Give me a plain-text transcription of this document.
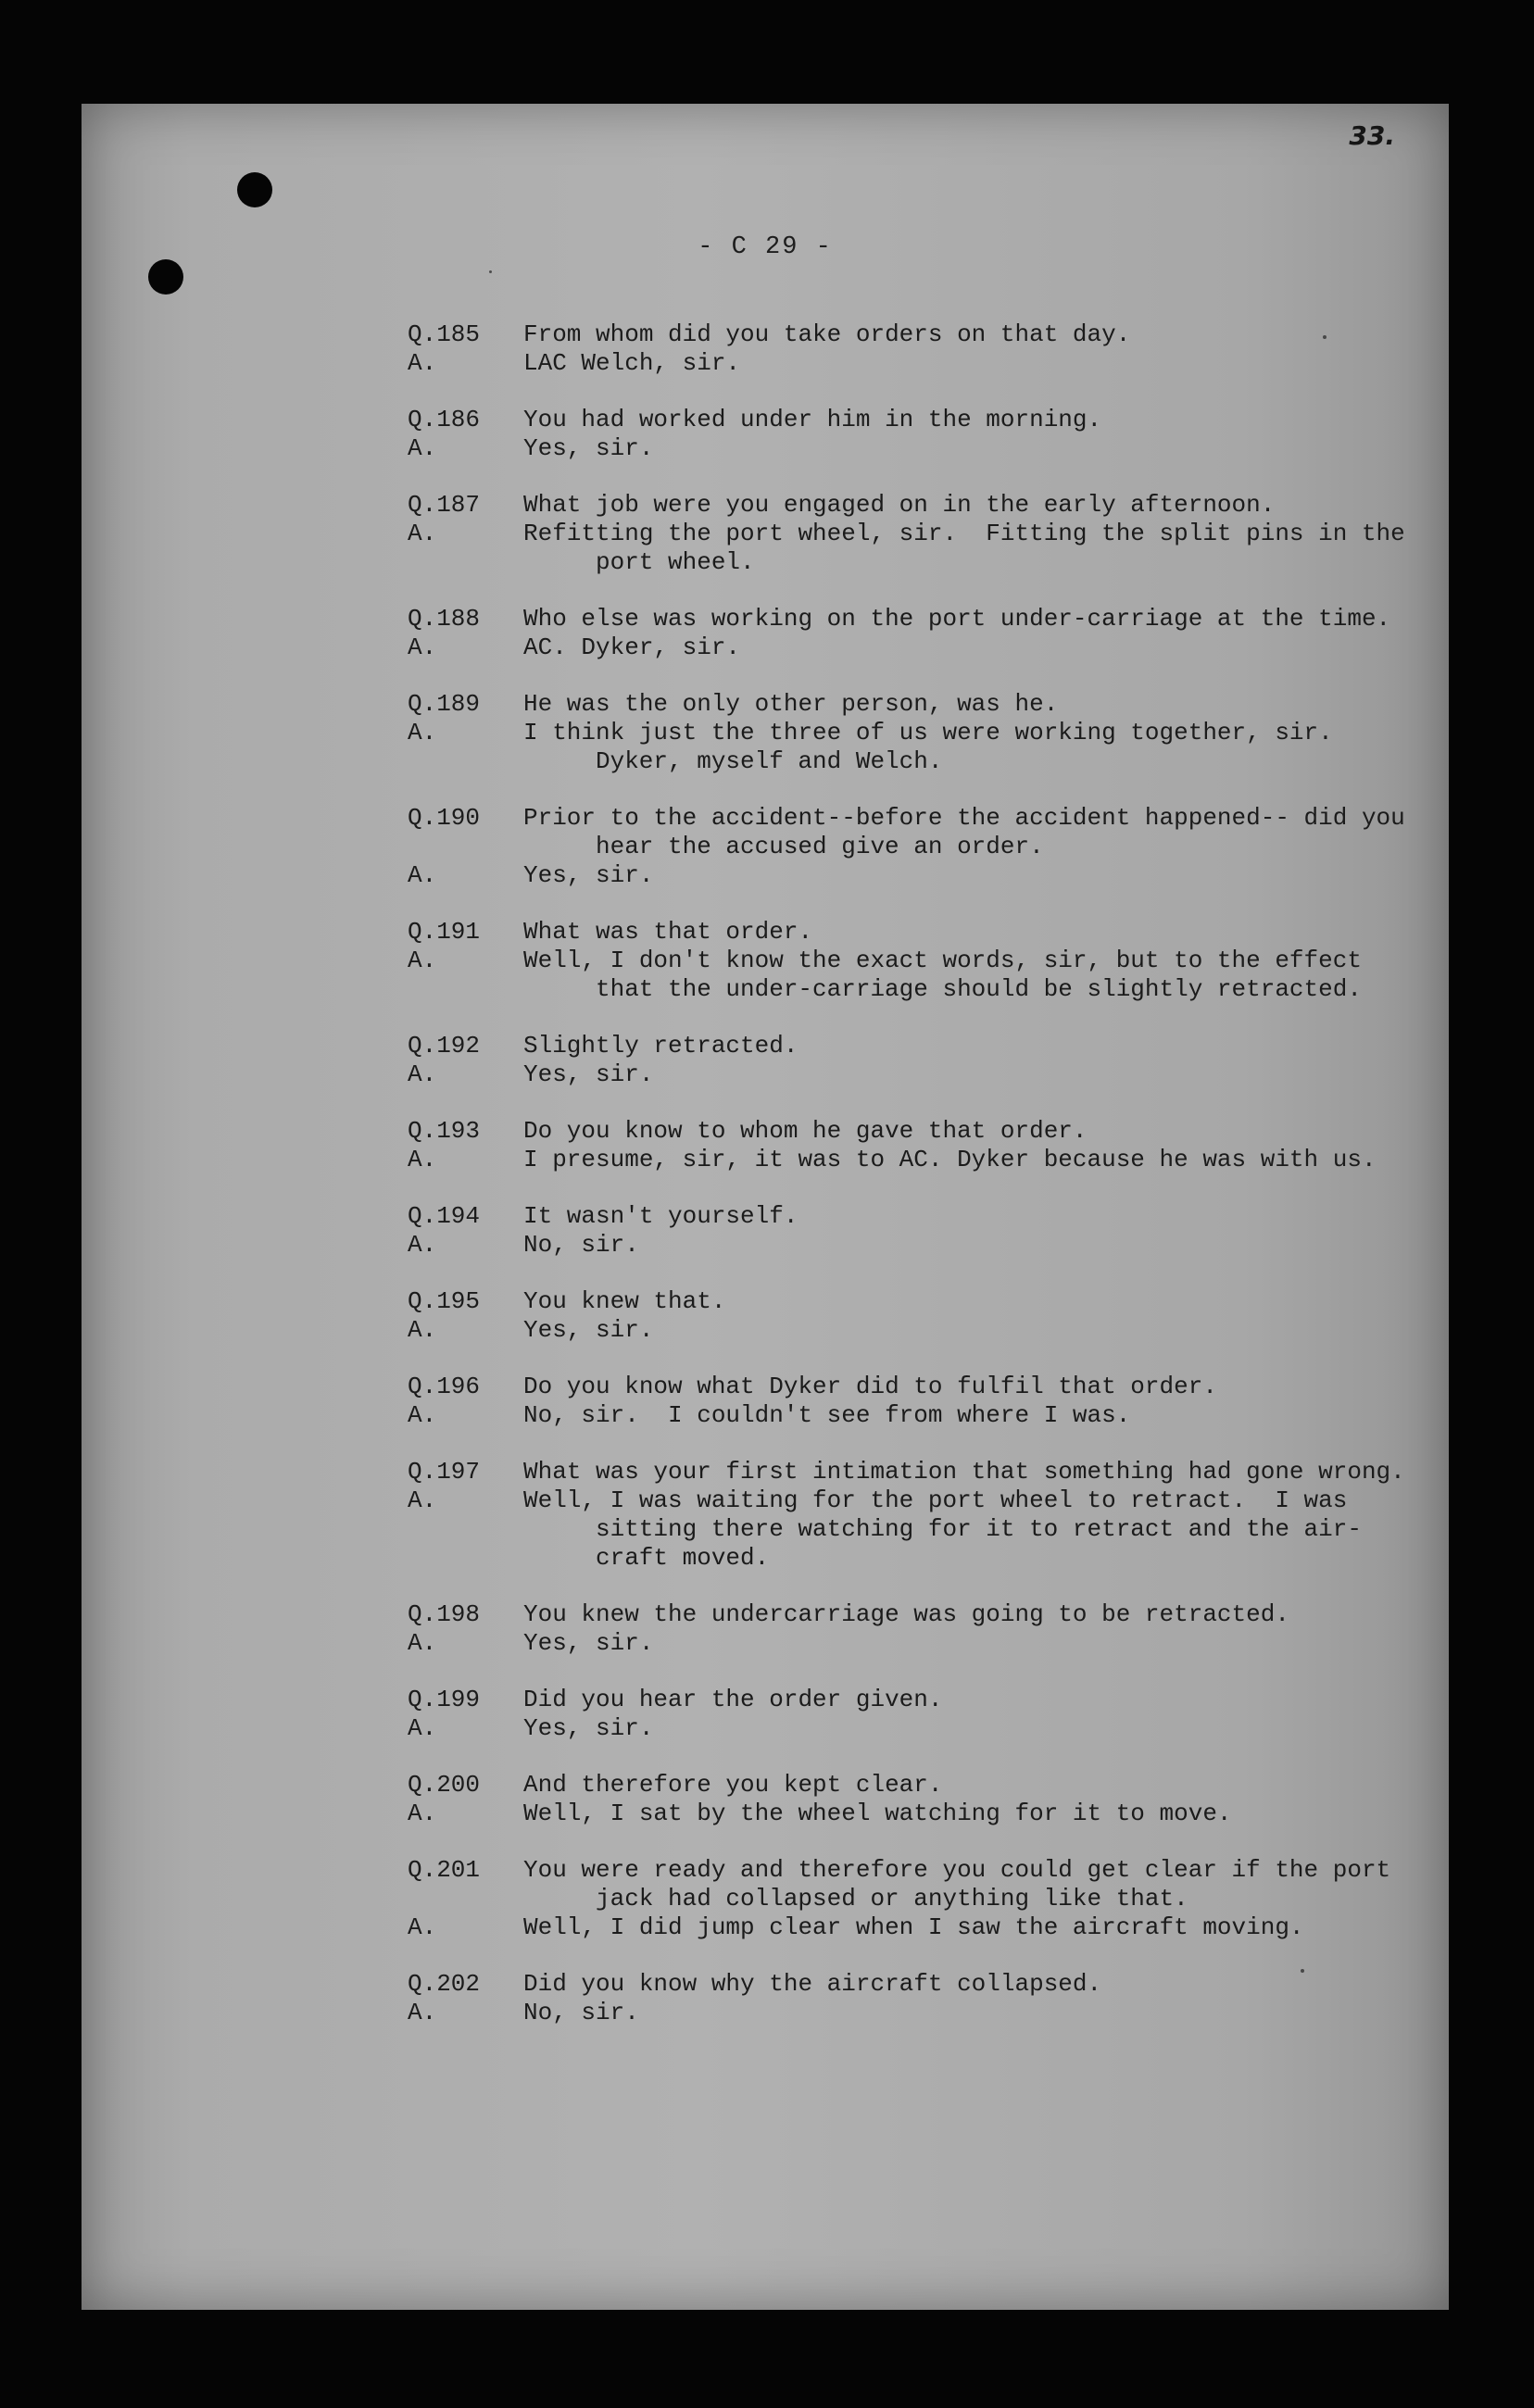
33.
- C 29 -
Q.185	From whom did you take orders on that day.
A.	LAC Welch, sir.
Q.186	You had worked under him in the morning.
A.	Yes, sir.
Q.187	What job were you engaged on in the early afternoon.
A.	Refitting the port wheel, sir.  Fitting the split pins in the port wheel.
Q.188	Who else was working on the port under-carriage at the time.
A.	AC. Dyker, sir.
Q.189	He was the only other person, was he.
A.	I think just the three of us were working together, sir. Dyker, myself and Welch.
Q.190	Prior to the accident--before the accident happened-- did you hear the accused give an order.
A.	Yes, sir.
Q.191	What was that order.
A.	Well, I don't know the exact words, sir, but to the effect that the under-carriage should be slightly retracted.
Q.192	Slightly retracted.
A.	Yes, sir.
Q.193	Do you know to whom he gave that order.
A.	I presume, sir, it was to AC. Dyker because he was with us.
Q.194	It wasn't yourself.
A.	No, sir.
Q.195	You knew that.
A.	Yes, sir.
Q.196	Do you know what Dyker did to fulfil that order.
A.	No, sir.  I couldn't see from where I was.
Q.197	What was your first intimation that something had gone wrong.
A.	Well, I was waiting for the port wheel to retract.  I was sitting there watching for it to retract and the air- craft moved.
Q.198	You knew the undercarriage was going to be retracted.
A.	Yes, sir.
Q.199	Did you hear the order given.
A.	Yes, sir.
Q.200	And therefore you kept clear.
A.	Well, I sat by the wheel watching for it to move.
Q.201	You were ready and therefore you could get clear if the port jack had collapsed or anything like that.
A.	Well, I did jump clear when I saw the aircraft moving.
Q.202	Did you know why the aircraft collapsed.
A.	No, sir.
